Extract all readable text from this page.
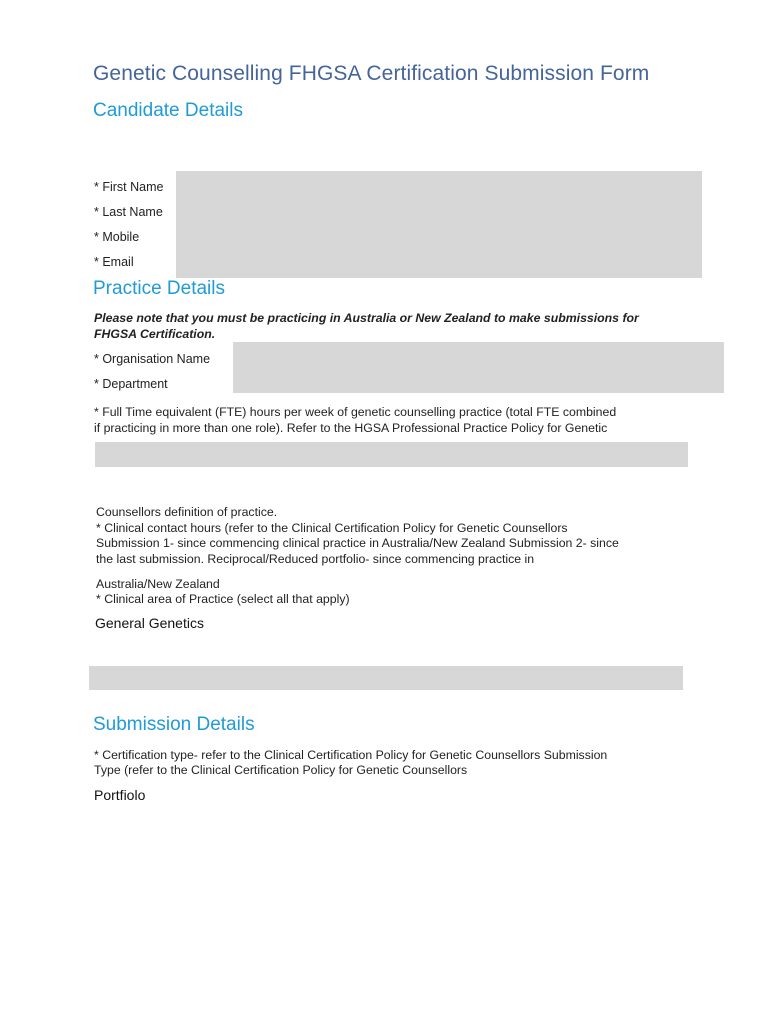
Genetic Counselling FHGSA Certification Submission Form
Candidate Details
* First Name
* Last Name
* Mobile
* Email
Practice Details
Please note that you must be practicing in Australia or New Zealand to make submissions for
FHGSA Certification.
* Organisation Name
* Department
* Full Time equivalent (FTE) hours per week of genetic counselling practice (total FTE combined
if practicing in more than one role). Refer to the HGSA Professional Practice Policy for Genetic
Counsellors definition of practice.
* Clinical contact hours (refer to the Clinical Certification Policy for Genetic Counsellors
Submission 1- since commencing clinical practice in Australia/New Zealand Submission 2- since
the last submission. Reciprocal/Reduced portfolio- since commencing practice in
Australia/New Zealand
* Clinical area of Practice (select all that apply)
General Genetics
Submission Details
* Certification type- refer to the Clinical Certification Policy for Genetic Counsellors Submission
Type (refer to the Clinical Certification Policy for Genetic Counsellors
Portfiolo
